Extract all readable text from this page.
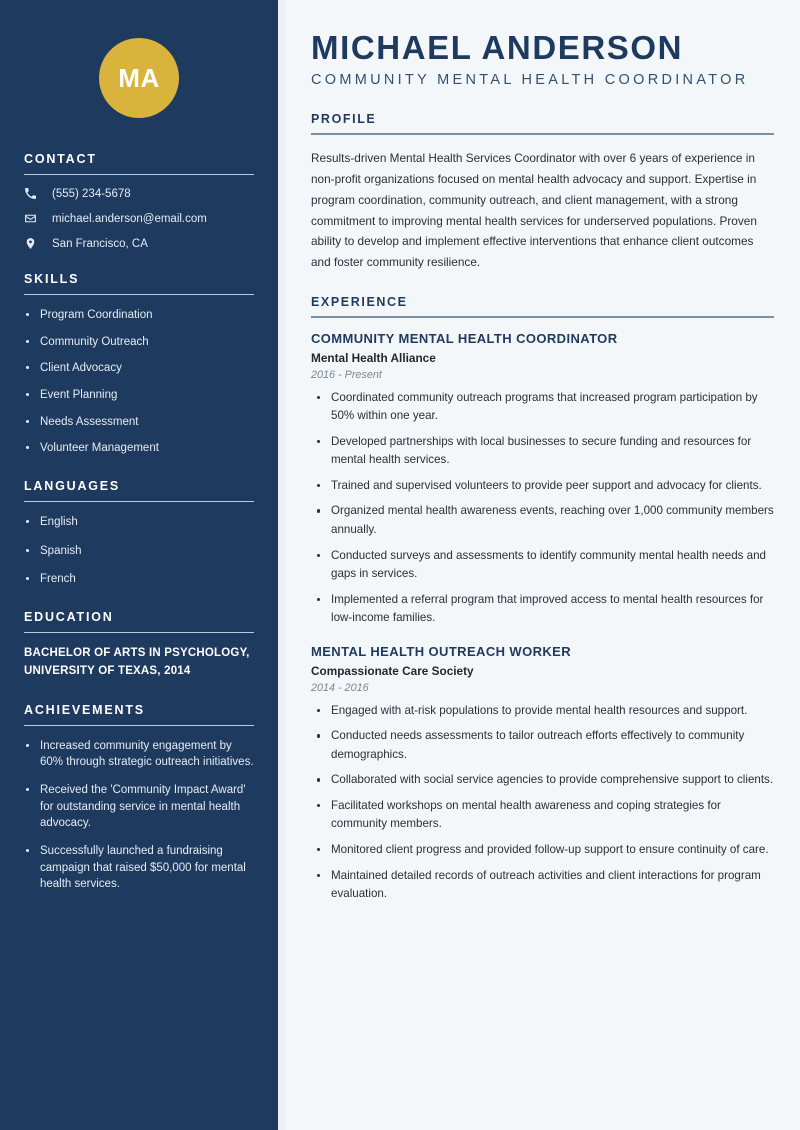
MA
CONTACT
(555) 234-5678
michael.anderson@email.com
San Francisco, CA
SKILLS
Program Coordination
Community Outreach
Client Advocacy
Event Planning
Needs Assessment
Volunteer Management
LANGUAGES
English
Spanish
French
EDUCATION
BACHELOR OF ARTS IN PSYCHOLOGY, UNIVERSITY OF TEXAS, 2014
ACHIEVEMENTS
Increased community engagement by 60% through strategic outreach initiatives.
Received the 'Community Impact Award' for outstanding service in mental health advocacy.
Successfully launched a fundraising campaign that raised $50,000 for mental health services.
MICHAEL ANDERSON
COMMUNITY MENTAL HEALTH COORDINATOR
PROFILE

Results-driven Mental Health Services Coordinator with over 6 years of experience in non-profit organizations focused on mental health advocacy and support. Expertise in program coordination, community outreach, and client management, with a strong commitment to improving mental health services for underserved populations. Proven ability to develop and implement effective interventions that enhance client outcomes and foster community resilience.

EXPERIENCE
COMMUNITY MENTAL HEALTH COORDINATOR
Mental Health Alliance
2016 - Present
Coordinated community outreach programs that increased program participation by 50% within one year.
Developed partnerships with local businesses to secure funding and resources for mental health services.
Trained and supervised volunteers to provide peer support and advocacy for clients.
Organized mental health awareness events, reaching over 1,000 community members annually.
Conducted surveys and assessments to identify community mental health needs and gaps in services.
Implemented a referral program that improved access to mental health resources for low-income families.
MENTAL HEALTH OUTREACH WORKER
Compassionate Care Society
2014 - 2016
Engaged with at-risk populations to provide mental health resources and support.
Conducted needs assessments to tailor outreach efforts effectively to community demographics.
Collaborated with social service agencies to provide comprehensive support to clients.
Facilitated workshops on mental health awareness and coping strategies for community members.
Monitored client progress and provided follow-up support to ensure continuity of care.
Maintained detailed records of outreach activities and client interactions for program evaluation.
